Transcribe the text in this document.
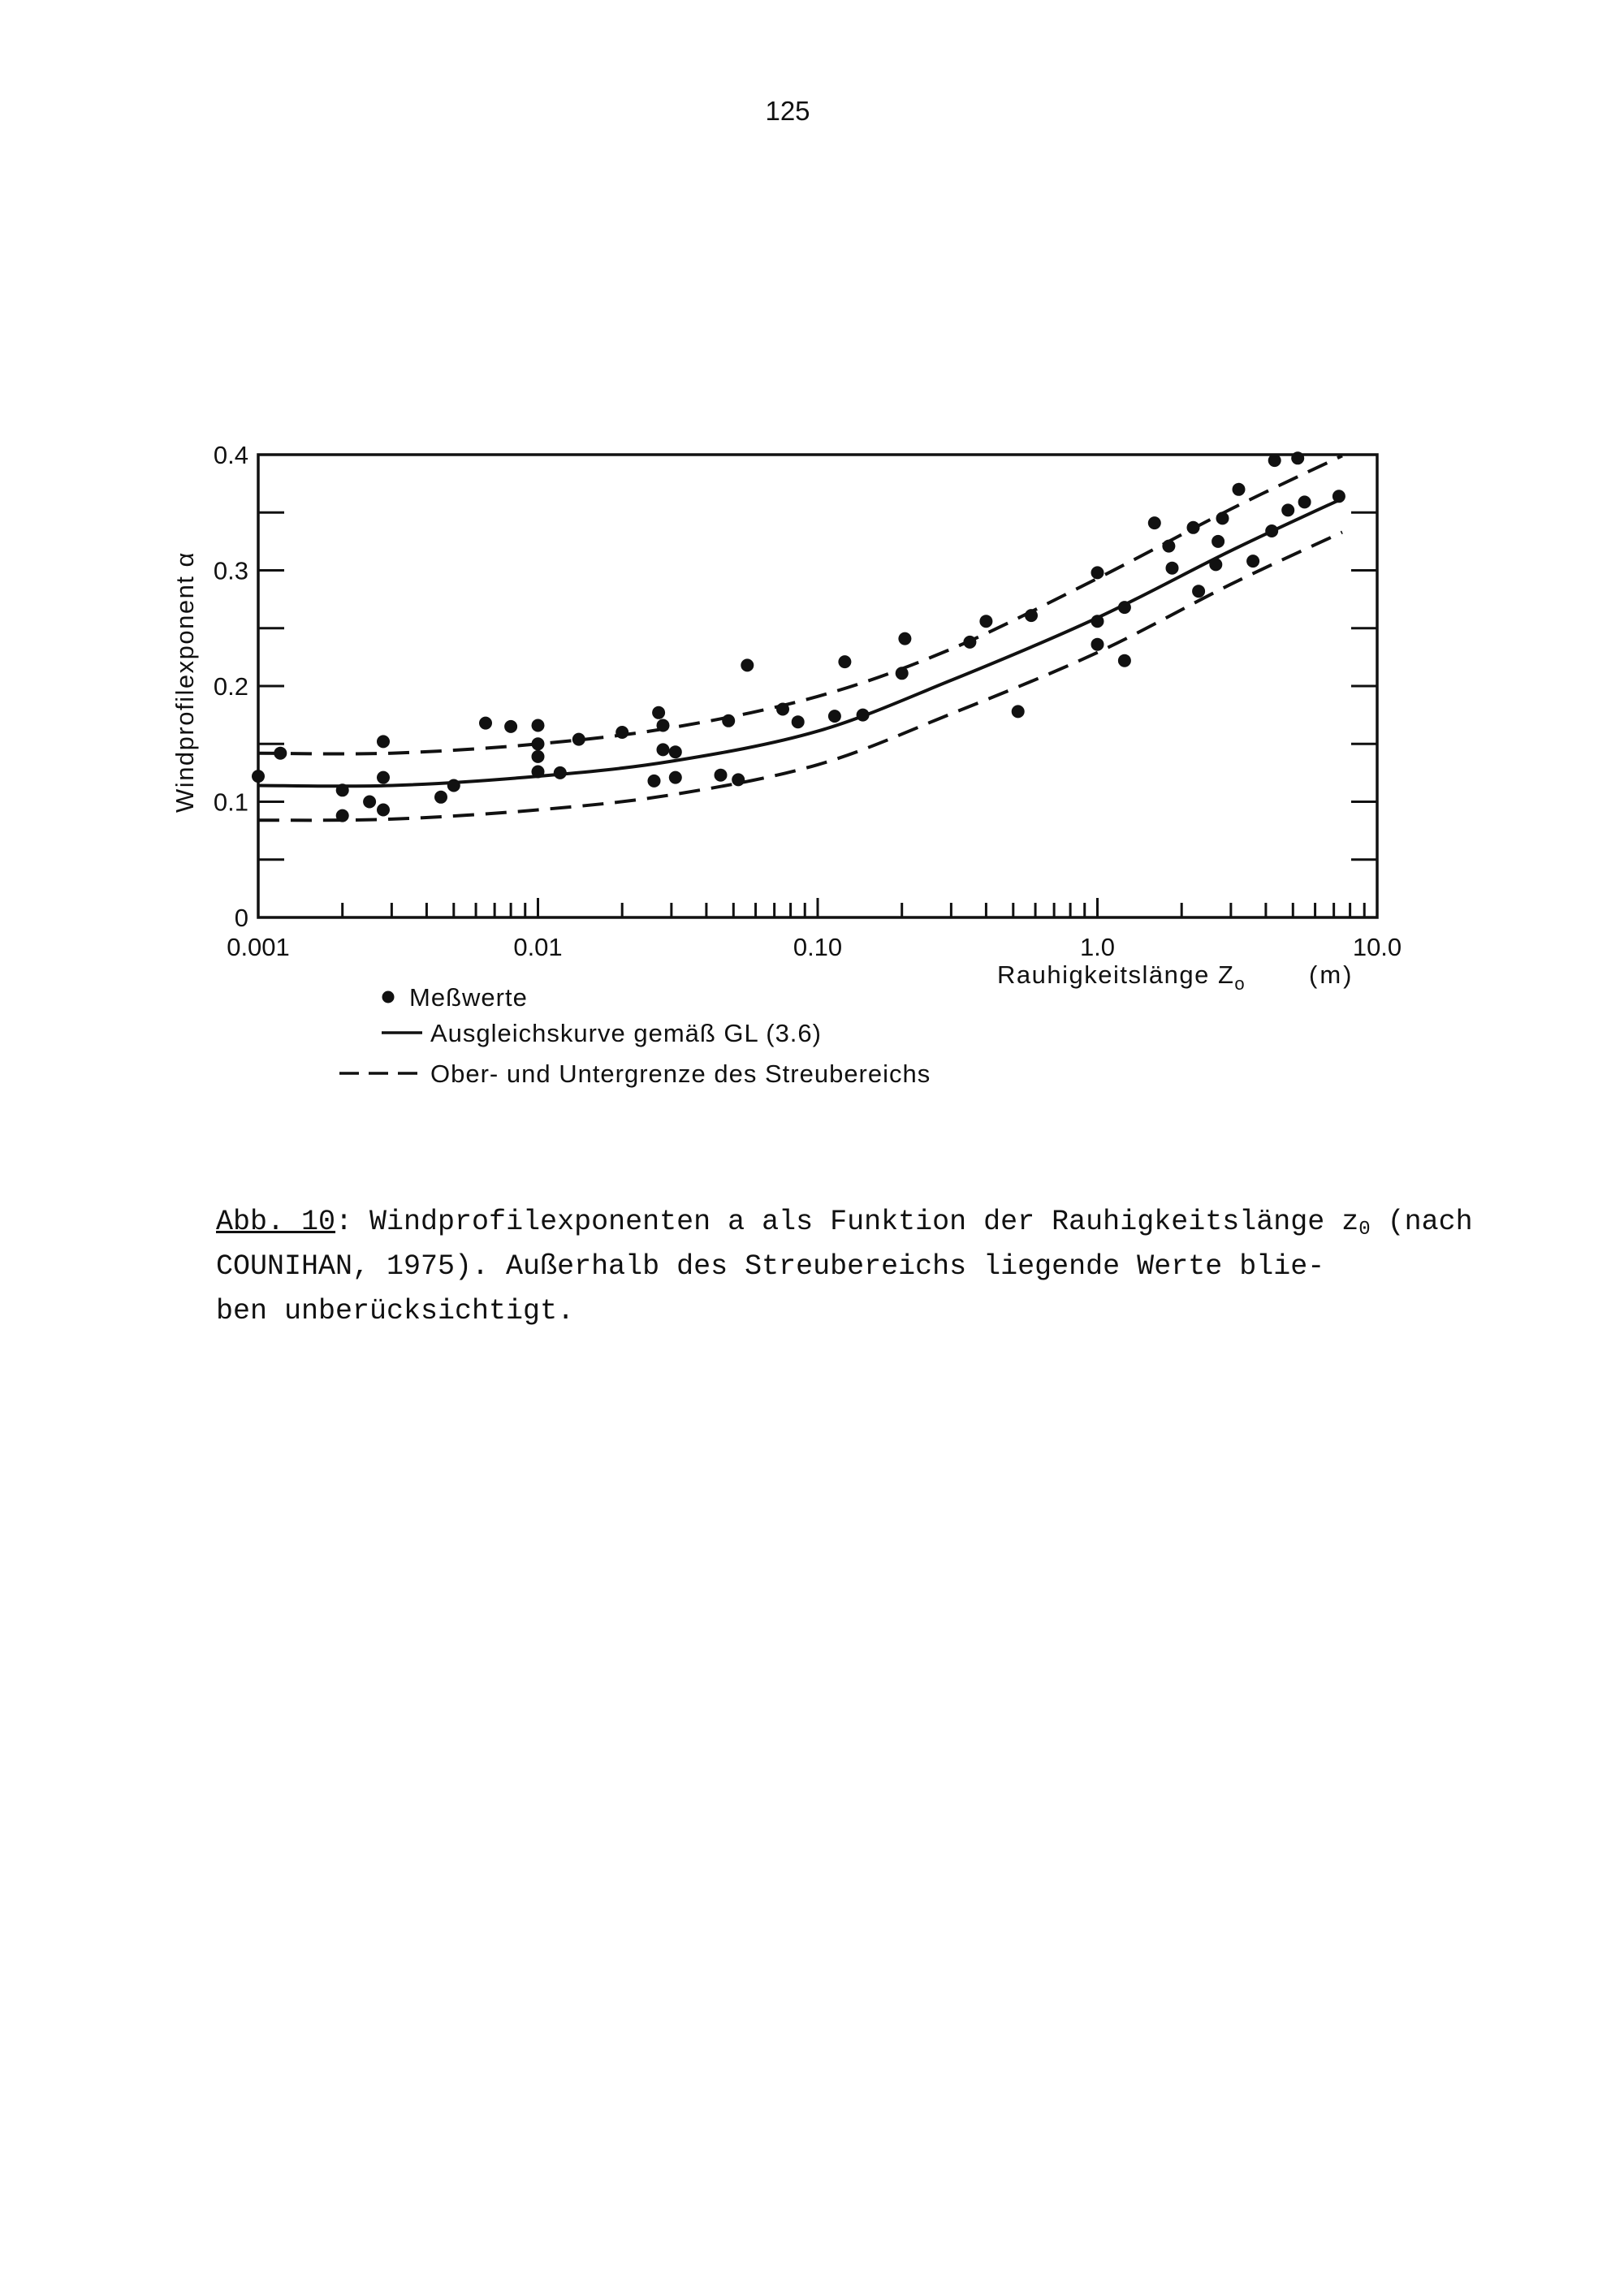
125
0
0.1
0.2
0.3
0.4
0.001	0.01	0.10	1.0	10.0
Windprofilexponent α
Rauhigkeitslänge $Z_o$	(m)
Meßwerte
Ausgleichskurve gemäß GL (3.6)
Ober- und Untergrenze des Streubereichs
Abb. 10: Windprofilexponenten a als Funktion der Rauhigkeitslänge $z_0$ (nach
COUNIHAN, 1975). Außerhalb des Streubereichs liegende Werte blie-
ben unberücksichtigt.
